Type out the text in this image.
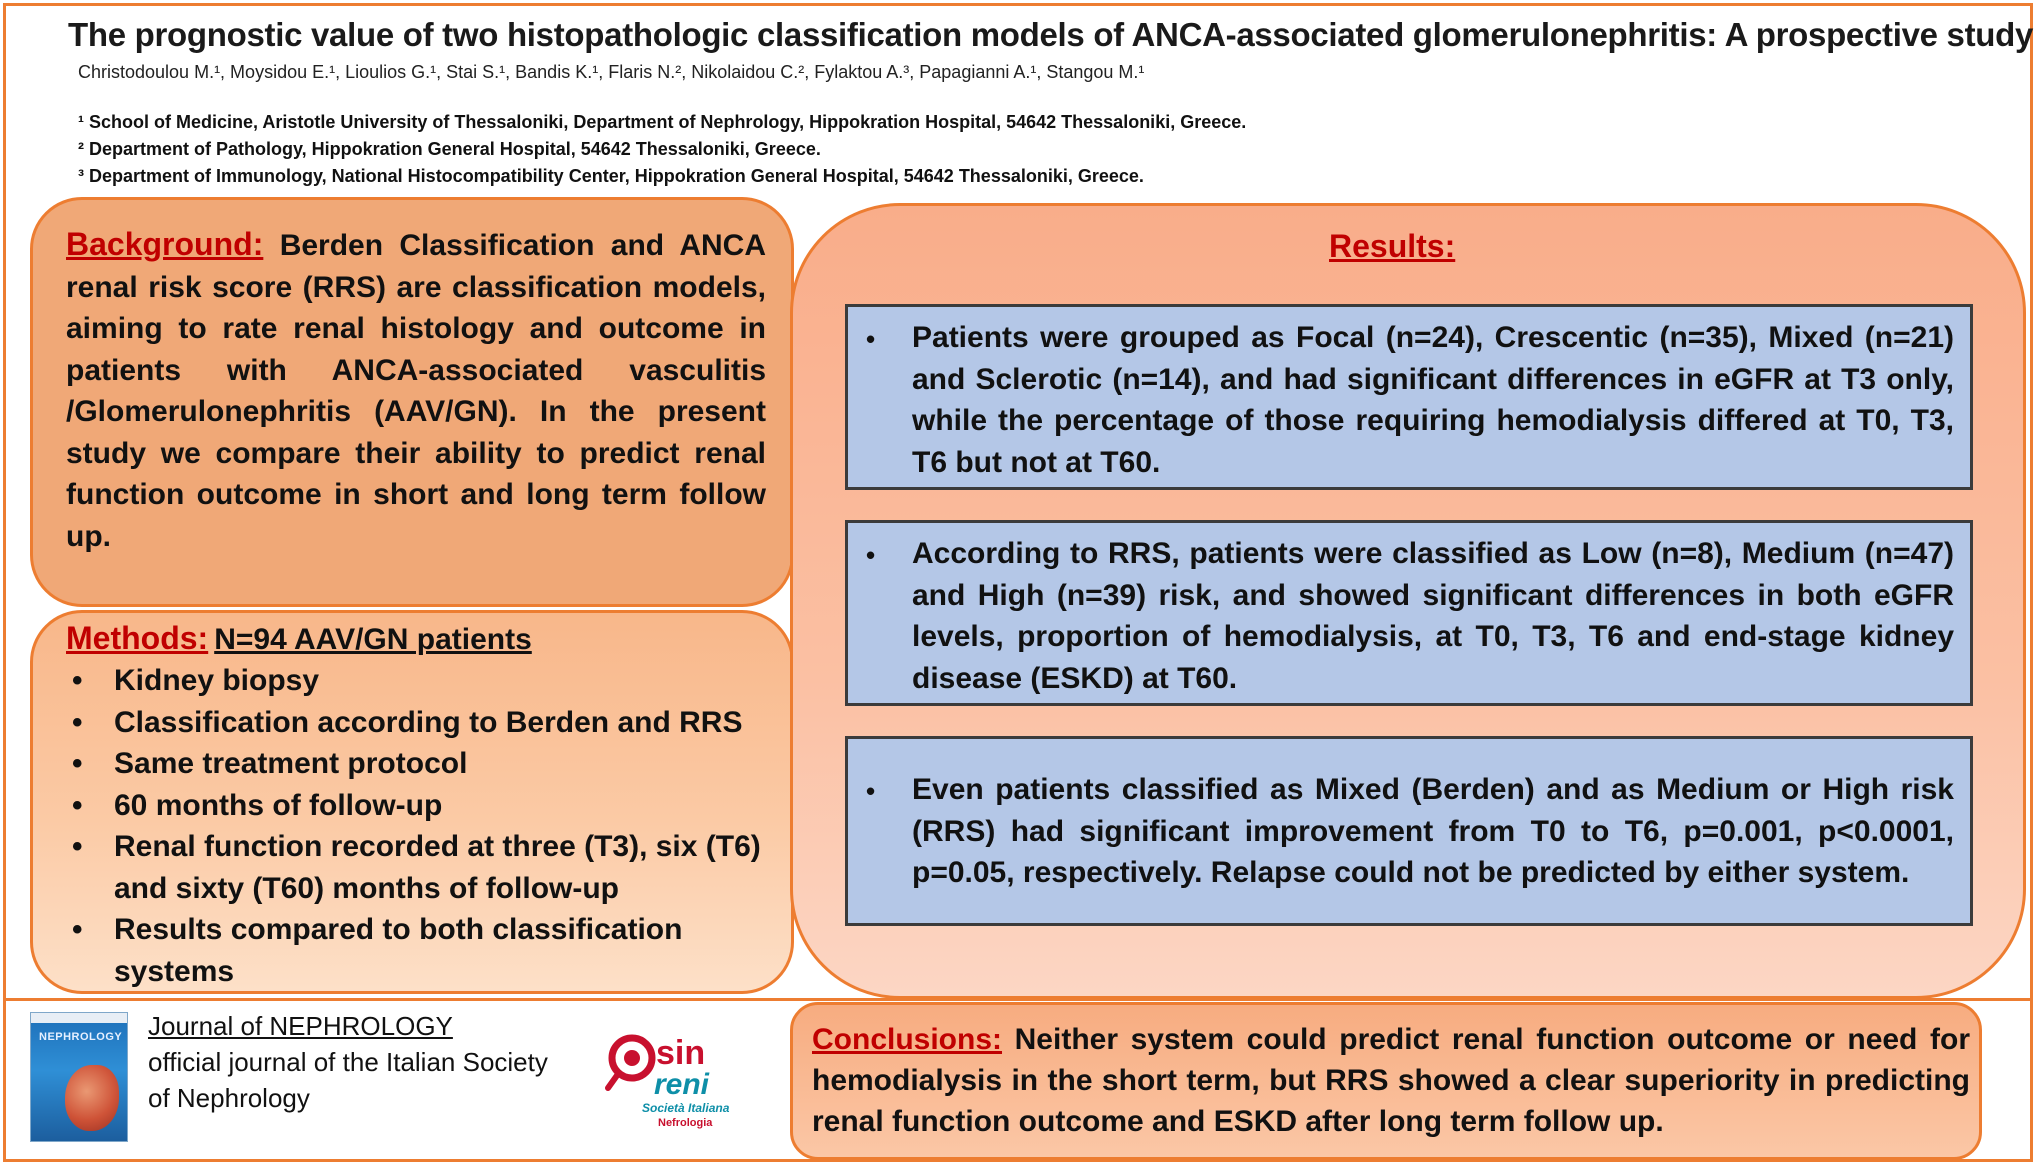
The prognostic value of two histopathologic classification models of ANCA-associated glomerulonephritis: A prospective study
Christodoulou M.¹, Moysidou E.¹, Lioulios G.¹, Stai S.¹, Bandis K.¹, Flaris N.², Nikolaidou C.², Fylaktou A.³, Papagianni A.¹, Stangou M.¹
¹ School of Medicine, Aristotle University of Thessaloniki, Department of Nephrology, Hippokration Hospital, 54642 Thessaloniki, Greece.
² Department of Pathology, Hippokration General Hospital, 54642 Thessaloniki, Greece.
³ Department of Immunology, National Histocompatibility Center, Hippokration General Hospital, 54642 Thessaloniki, Greece.
Background: Berden Classification and ANCA renal risk score (RRS) are classification models, aiming to rate renal histology and outcome in patients with ANCA-associated vasculitis /Glomerulonephritis (AAV/GN). In the present study we compare their ability to predict renal function outcome in short and long term follow up.
Methods: N=94 AAV/GN patients
• Kidney biopsy
• Classification according to Berden and RRS
• Same treatment protocol
• 60 months of follow-up
• Renal function recorded at three (T3), six (T6) and sixty (T60) months of follow-up
• Results compared to both classification systems
Results:
• Patients were grouped as Focal (n=24), Crescentic (n=35), Mixed (n=21) and Sclerotic (n=14), and had significant differences in eGFR at T3 only, while the percentage of those requiring hemodialysis differed at T0, T3, T6 but not at T60.
• According to RRS, patients were classified as Low (n=8), Medium (n=47) and High (n=39) risk, and showed significant differences in both eGFR levels, proportion of hemodialysis, at T0, T3, T6 and end-stage kidney disease (ESKD) at T60.
• Even patients classified as Mixed (Berden) and as Medium or High risk (RRS) had significant improvement from T0 to T6, p=0.001, p<0.0001, p=0.05, respectively. Relapse could not be predicted by either system.
NEPHROLOGY Journal of NEPHROLOGY
official journal of the Italian Society
of Nephrology
sin
reni
Società Italiana
Nefrologia
Conclusions: Neither system could predict renal function outcome or need for hemodialysis in the short term, but RRS showed a clear superiority in predicting renal function outcome and ESKD after long term follow up.
